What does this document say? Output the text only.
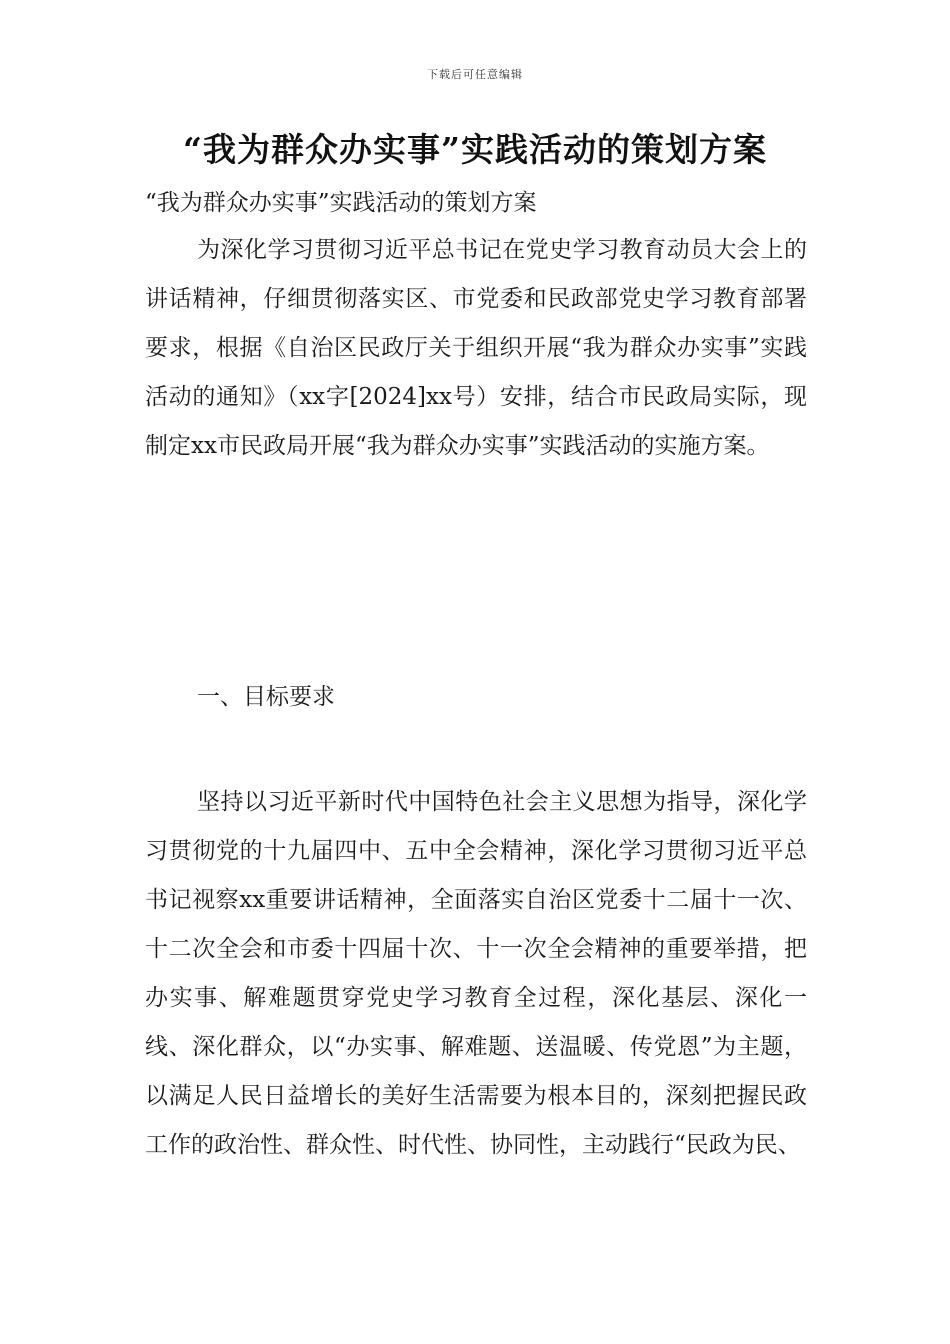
下载后可任意编辑
“我为群众办实事”实践活动的策划方案
“我为群众办实事”实践活动的策划方案

为深化学习贯彻习近平总书记在党史学习教育动员大会上的讲话精神，仔细贯彻落实区、市党委和民政部党史学习教育部署要求，根据《自治区民政厅关于组织开展“我为群众办实事”实践活动的通知》（xx字[2024]xx号）安排，结合市民政局实际，现制定xx市民政局开展“我为群众办实事”实践活动的实施方案。

一、目标要求

坚持以习近平新时代中国特色社会主义思想为指导，深化学习贯彻党的十九届四中、五中全会精神，深化学习贯彻习近平总书记视察xx重要讲话精神，全面落实自治区党委十二届十一次、十二次全会和市委十四届十次、十一次全会精神的重要举措，把办实事、解难题贯穿党史学习教育全过程，深化基层、深化一线、深化群众，以“办实事、解难题、送温暖、传党恩”为主题，以满足人民日益增长的美好生活需要为根本目的，深刻把握民政工作的政治性、群众性、时代性、协同性，主动践行“民政为民、
